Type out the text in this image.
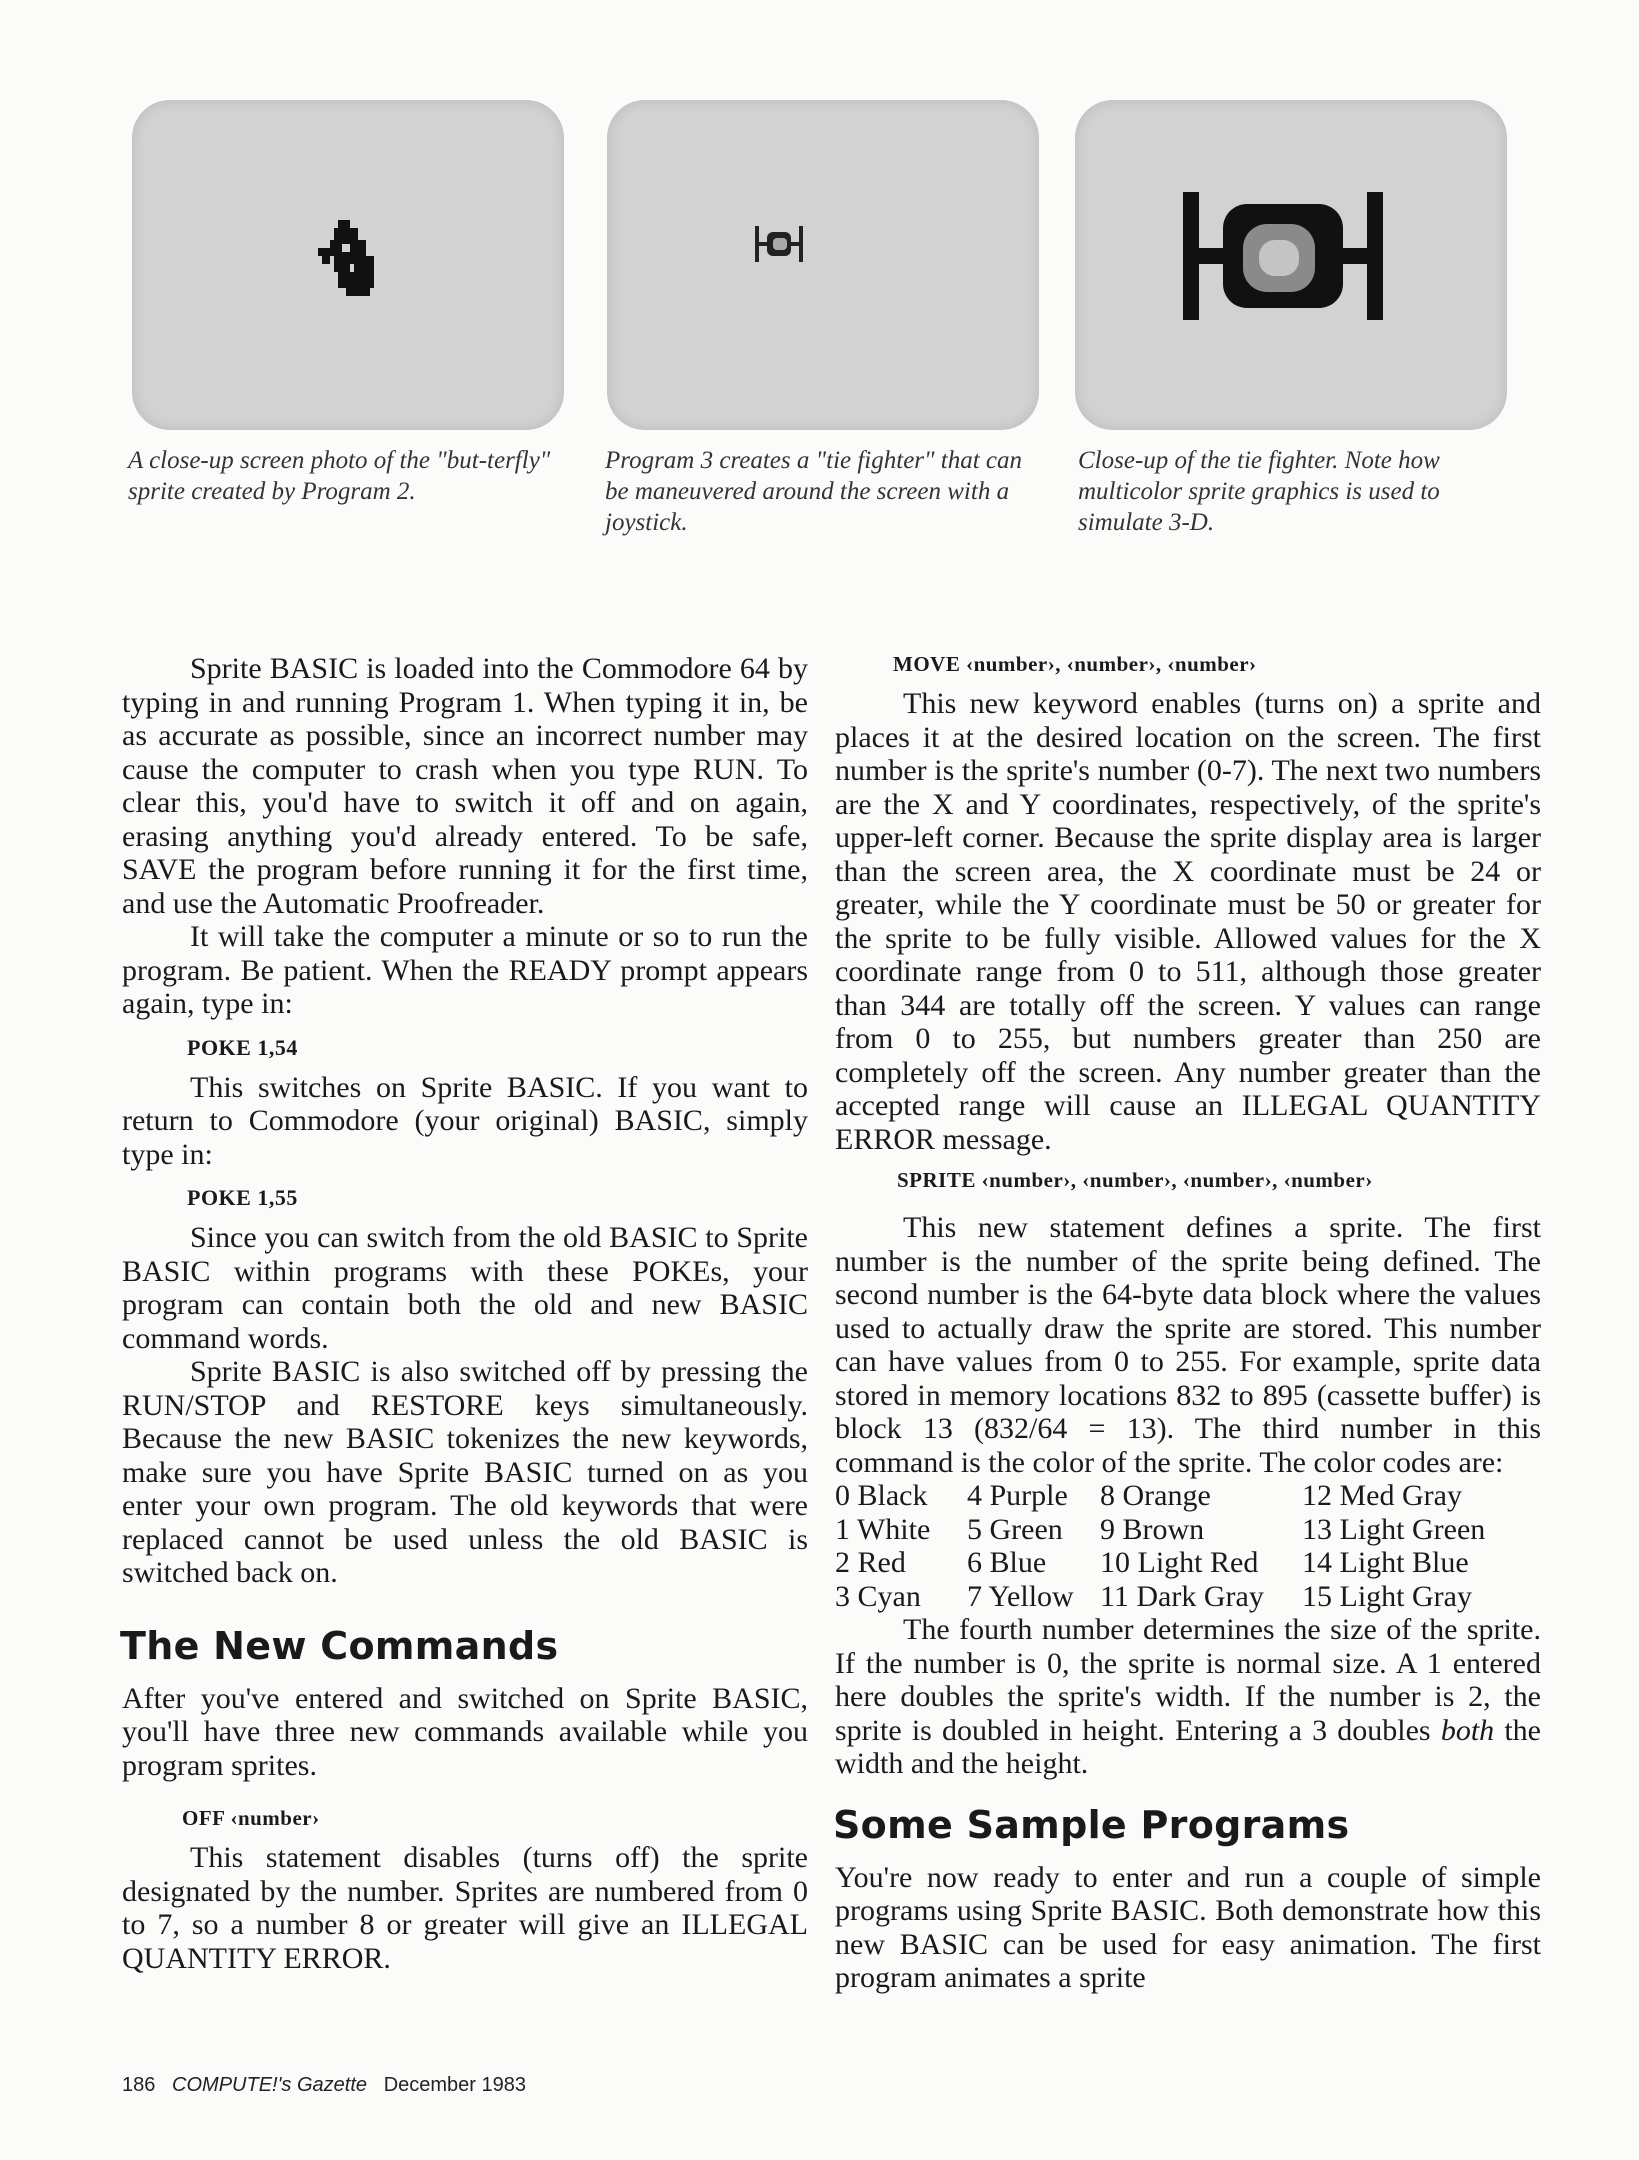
A close-up screen photo of the "but-terfly" sprite created by Program 2.
Program 3 creates a "tie fighter" that can be maneuvered around the screen with a joystick.
Close-up of the tie fighter. Note how multicolor sprite graphics is used to simulate 3-D.

Sprite BASIC is loaded into the Commodore 64 by typing in and running Program 1. When typing it in, be as accurate as possible, since an incorrect number may cause the computer to crash when you type RUN. To clear this, you'd have to switch it off and on again, erasing anything you'd already entered. To be safe, SAVE the program before running it for the first time, and use the Automatic Proofreader.

It will take the computer a minute or so to run the program. Be patient. When the READY prompt appears again, type in:

POKE 1,54

This switches on Sprite BASIC. If you want to return to Commodore (your original) BASIC, simply type in:

POKE 1,55

Since you can switch from the old BASIC to Sprite BASIC within programs with these POKEs, your program can contain both the old and new BASIC command words.

Sprite BASIC is also switched off by pressing the RUN/STOP and RESTORE keys simultaneously. Because the new BASIC tokenizes the new keywords, make sure you have Sprite BASIC turned on as you enter your own program. The old keywords that were replaced cannot be used unless the old BASIC is switched back on.

The New Commands

After you've entered and switched on Sprite BASIC, you'll have three new commands available while you program sprites.

OFF ‹number›

This statement disables (turns off) the sprite designated by the number. Sprites are numbered from 0 to 7, so a number 8 or greater will give an ILLEGAL QUANTITY ERROR.

MOVE ‹number›, ‹number›, ‹number›

This new keyword enables (turns on) a sprite and places it at the desired location on the screen. The first number is the sprite's number (0-7). The next two numbers are the X and Y coordinates, respectively, of the sprite's upper-left corner. Because the sprite display area is larger than the screen area, the X coordinate must be 24 or greater, while the Y coordinate must be 50 or greater for the sprite to be fully visible. Allowed values for the X coordinate range from 0 to 511, although those greater than 344 are totally off the screen. Y values can range from 0 to 255, but numbers greater than 250 are completely off the screen. Any number greater than the accepted range will cause an ILLEGAL QUANTITY ERROR message.

SPRITE ‹number›, ‹number›, ‹number›, ‹number›

This new statement defines a sprite. The first number is the number of the sprite being defined. The second number is the 64-byte data block where the values used to actually draw the sprite are stored. This number can have values from 0 to 255. For example, sprite data stored in memory locations 832 to 895 (cassette buffer) is block 13 (832/64 = 13). The third number in this command is the color of the sprite. The color codes are:

0 Black	4 Purple	8 Orange	12 Med Gray
1 White	5 Green	9 Brown	13 Light Green
2 Red	6 Blue	10 Light Red	14 Light Blue
3 Cyan	7 Yellow 11 Dark Gray	15 Light Gray

The fourth number determines the size of the sprite. If the number is 0, the sprite is normal size. A 1 entered here doubles the sprite's width. If the number is 2, the sprite is doubled in height. Entering a 3 doubles both the width and the height.

Some Sample Programs

You're now ready to enter and run a couple of simple programs using Sprite BASIC. Both demonstrate how this new BASIC can be used for easy animation. The first program animates a sprite

186 COMPUTE!'s Gazette December 1983
